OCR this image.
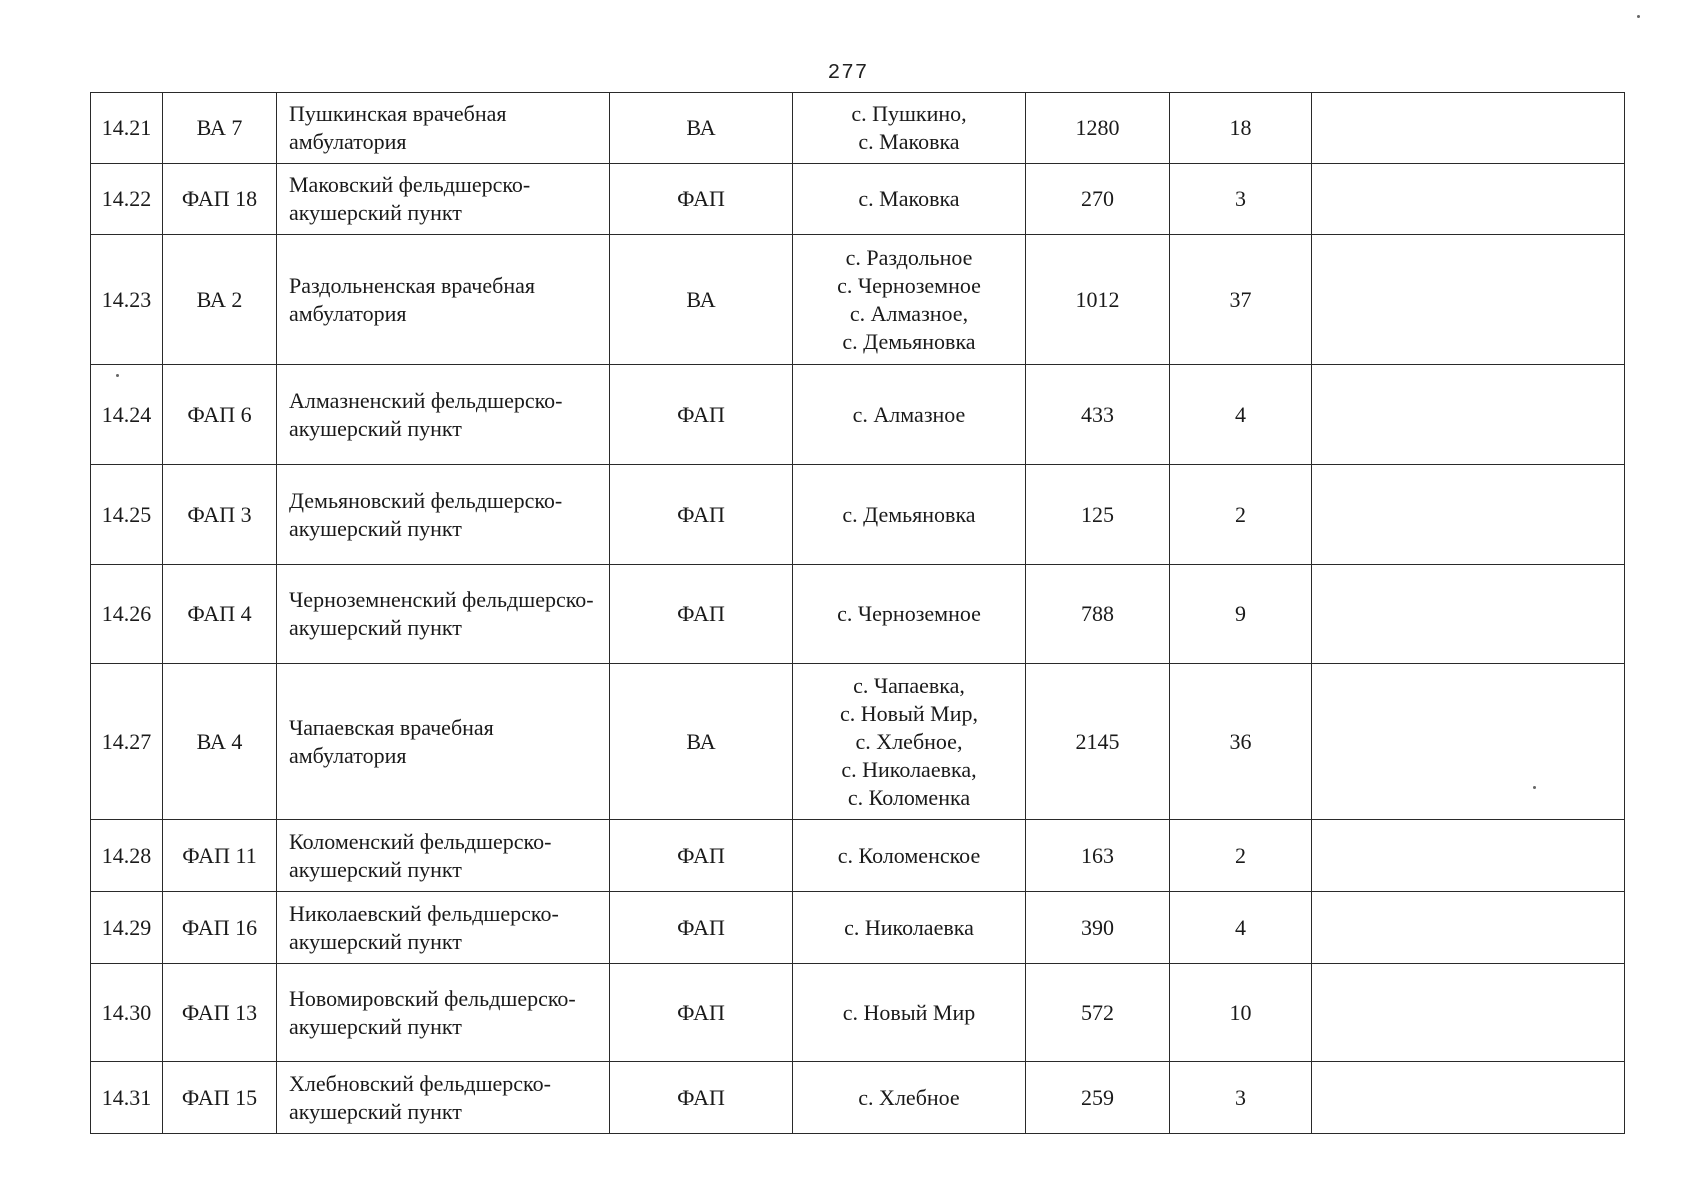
277
14.21	ВА 7	Пушкинская врачебная амбулатория	ВА	с. Пушкино,
с. Маковка	1280	18	
14.22	ФАП 18	Маковский фельдшерско-акушерский пункт	ФАП	с. Маковка	270	3	
14.23	ВА 2	Раздольненская врачебная амбулатория	ВА	с. Раздольное
с. Черноземное
с. Алмазное,
с. Демьяновка	1012	37	
14.24	ФАП 6	Алмазненский фельдшерско-акушерский пункт	ФАП	с. Алмазное	433	4	
14.25	ФАП 3	Демьяновский фельдшерско-акушерский пункт	ФАП	с. Демьяновка	125	2	
14.26	ФАП 4	Черноземненский фельдшерско-акушерский пункт	ФАП	с. Черноземное	788	9	
14.27	ВА 4	Чапаевская врачебная амбулатория	ВА	с. Чапаевка,
с. Новый Мир,
с. Хлебное,
с. Николаевка,
с. Коломенка	2145	36	
14.28	ФАП 11	Коломенский фельдшерско-акушерский пункт	ФАП	с. Коломенское	163	2	
14.29	ФАП 16	Николаевский фельдшерско-акушерский пункт	ФАП	с. Николаевка	390	4	
14.30	ФАП 13	Новомировский фельдшерско-акушерский пункт	ФАП	с. Новый Мир	572	10	
14.31	ФАП 15	Хлебновский фельдшерско-акушерский пункт	ФАП	с. Хлебное	259	3	
